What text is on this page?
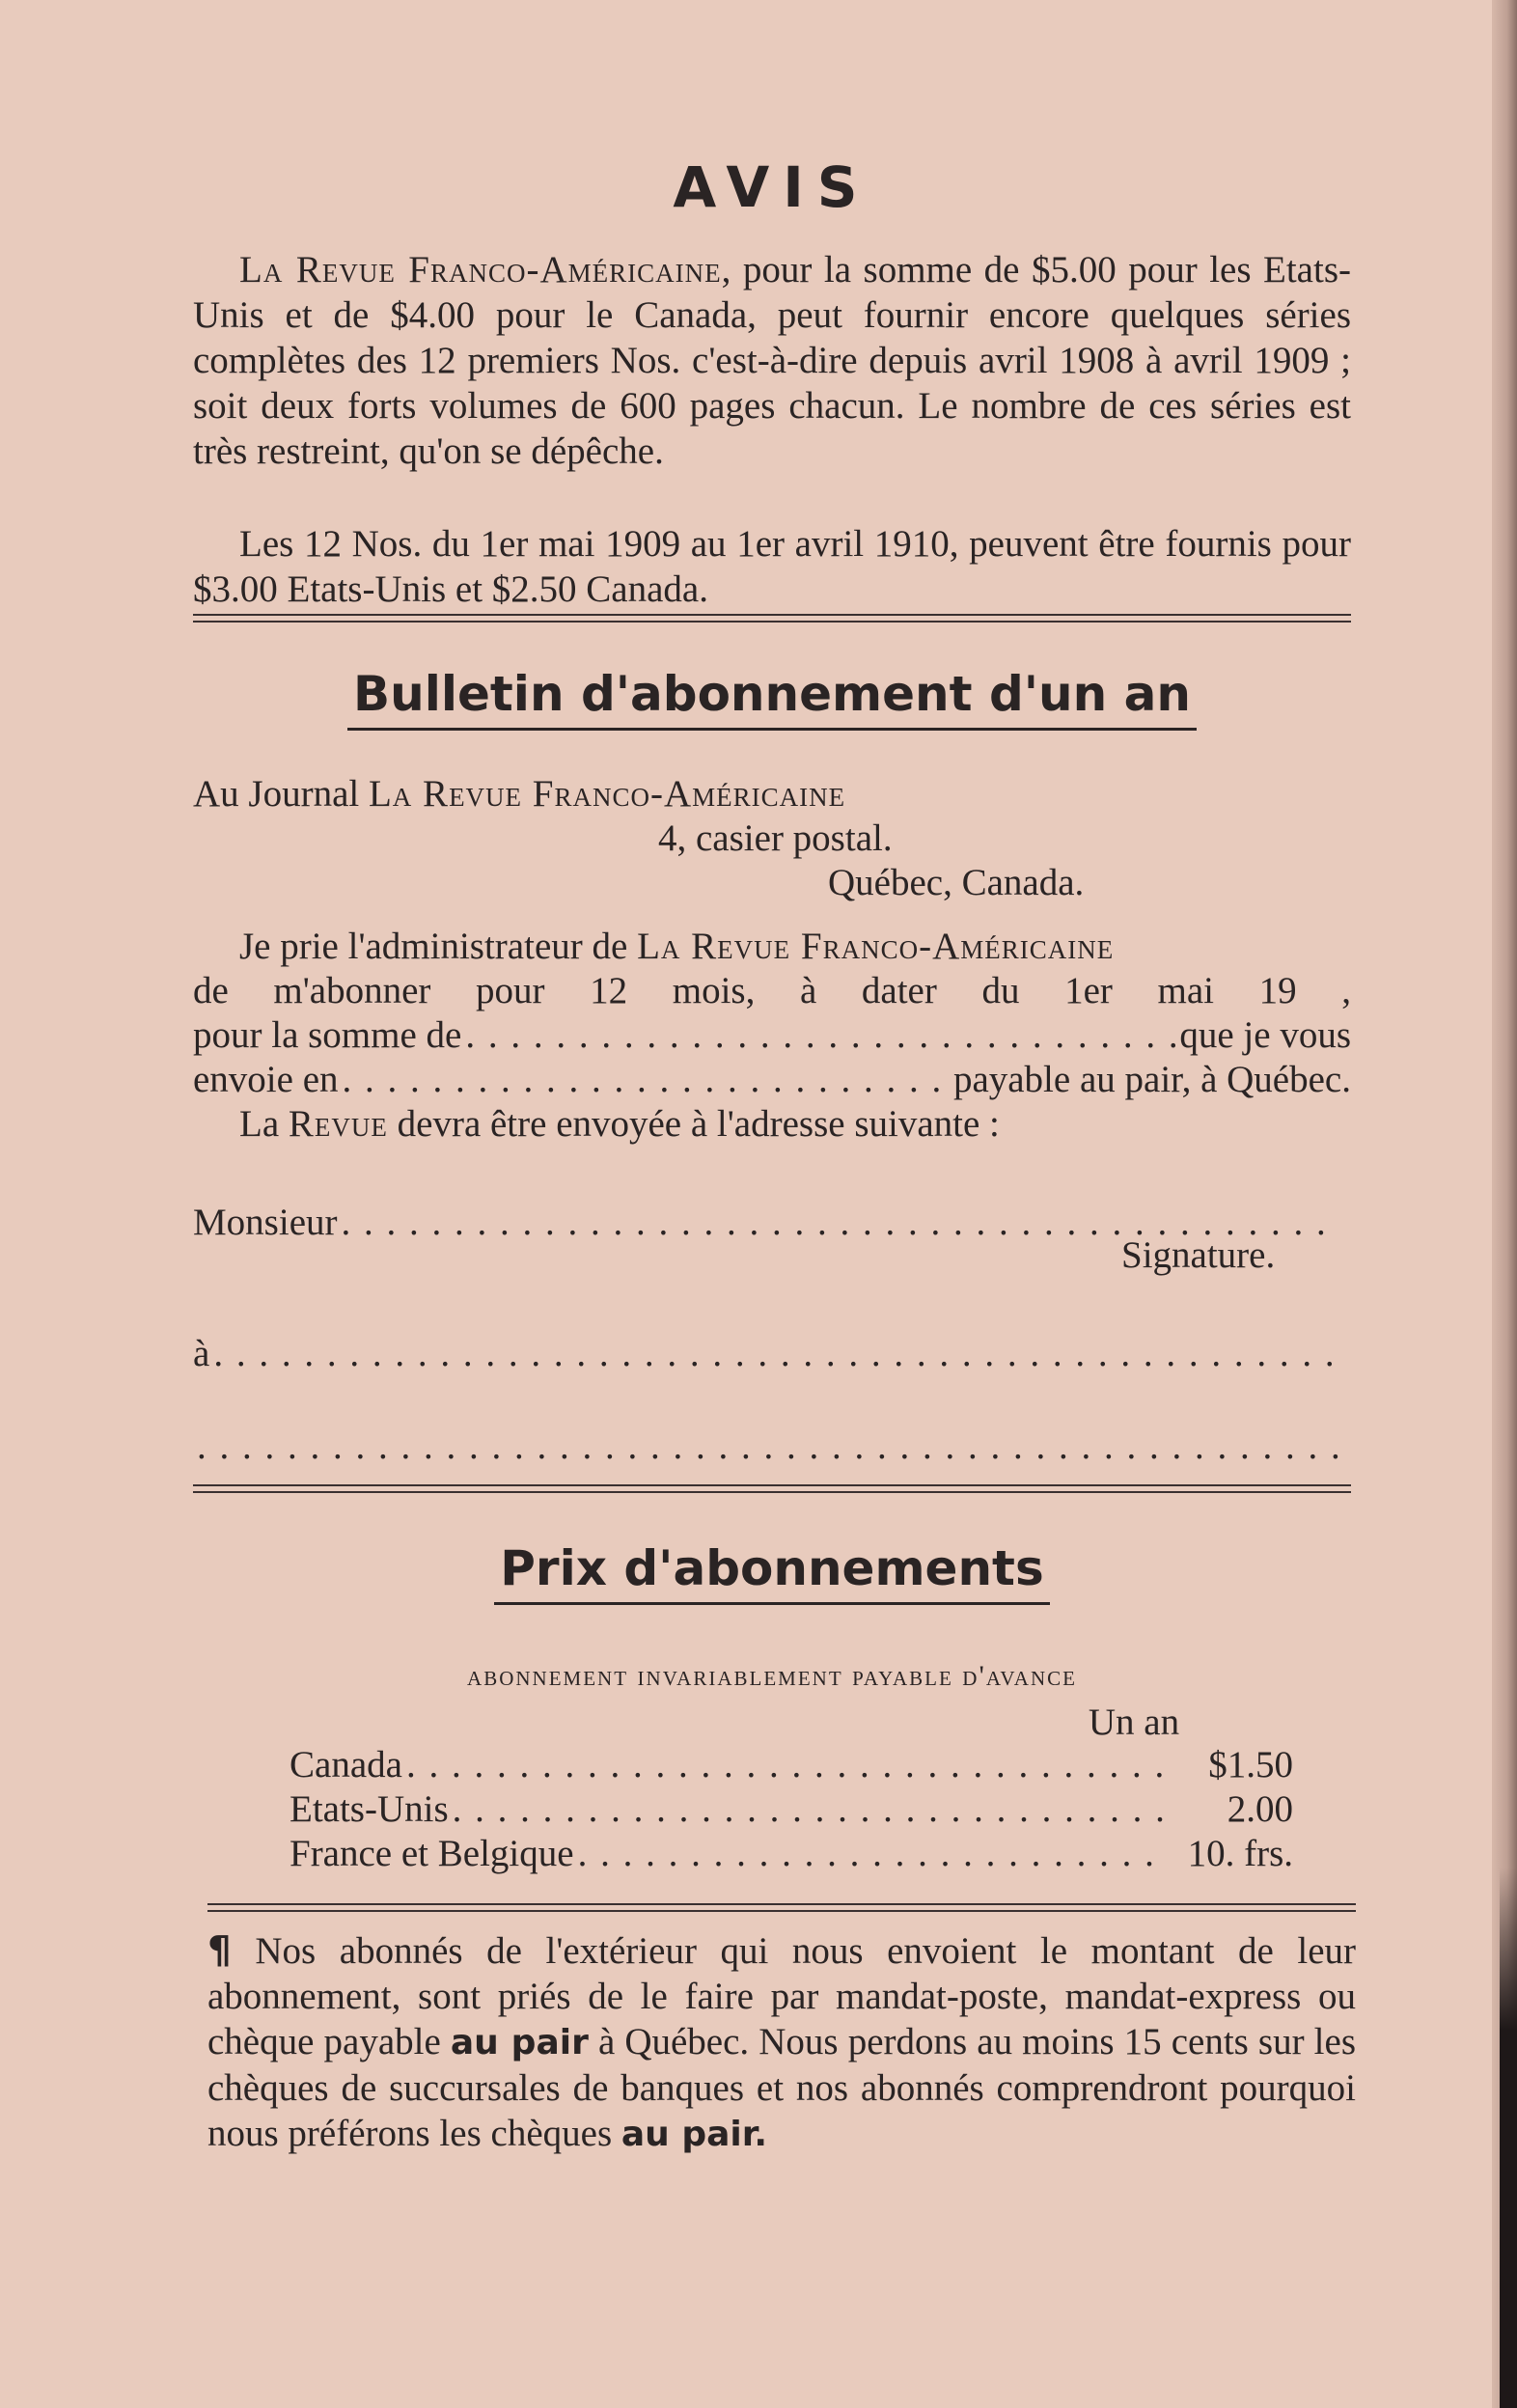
AVIS

La Revue Franco-Américaine, pour la somme de $5.00 pour les Etats-Unis et de $4.00 pour le Canada, peut fournir encore quelques séries complètes des 12 premiers Nos. c'est-à-dire depuis avril 1908 à avril 1909 ; soit deux forts volumes de 600 pages chacun. Le nombre de ces séries est très restreint, qu'on se dépêche.

Les 12 Nos. du 1er mai 1909 au 1er avril 1910, peuvent être fournis pour $3.00 Etats-Unis et $2.50 Canada.

Bulletin d'abonnement d'un an
Au Journal La Revue Franco-Américaine
4, casier postal.
Québec, Canada.
Je prie l'administrateur de La Revue Franco-Américaine
de m'abonner pour 12 mois, à dater du 1er mai 19 ,
pour la somme de . . .	que je vous
envoie en . . .	payable au pair, à Québec.
La Revue devra être envoyée à l'adresse suivante :
Monsieur
. . .
Signature.
à
. . .
. . .
Prix d'abonnements
abonnement invariablement payable d'avance
Un an
Canada . . .	$1.50
Etats-Unis . . .	2.00
France et Belgique . . .	10. frs.

¶ Nos abonnés de l'extérieur qui nous envoient le montant de leur abonnement, sont priés de le faire par mandat-poste, mandat-express ou chèque payable au pair à Québec. Nous perdons au moins 15 cents sur les chèques de succursales de banques et nos abonnés comprendront pourquoi nous préférons les chèques au pair.
